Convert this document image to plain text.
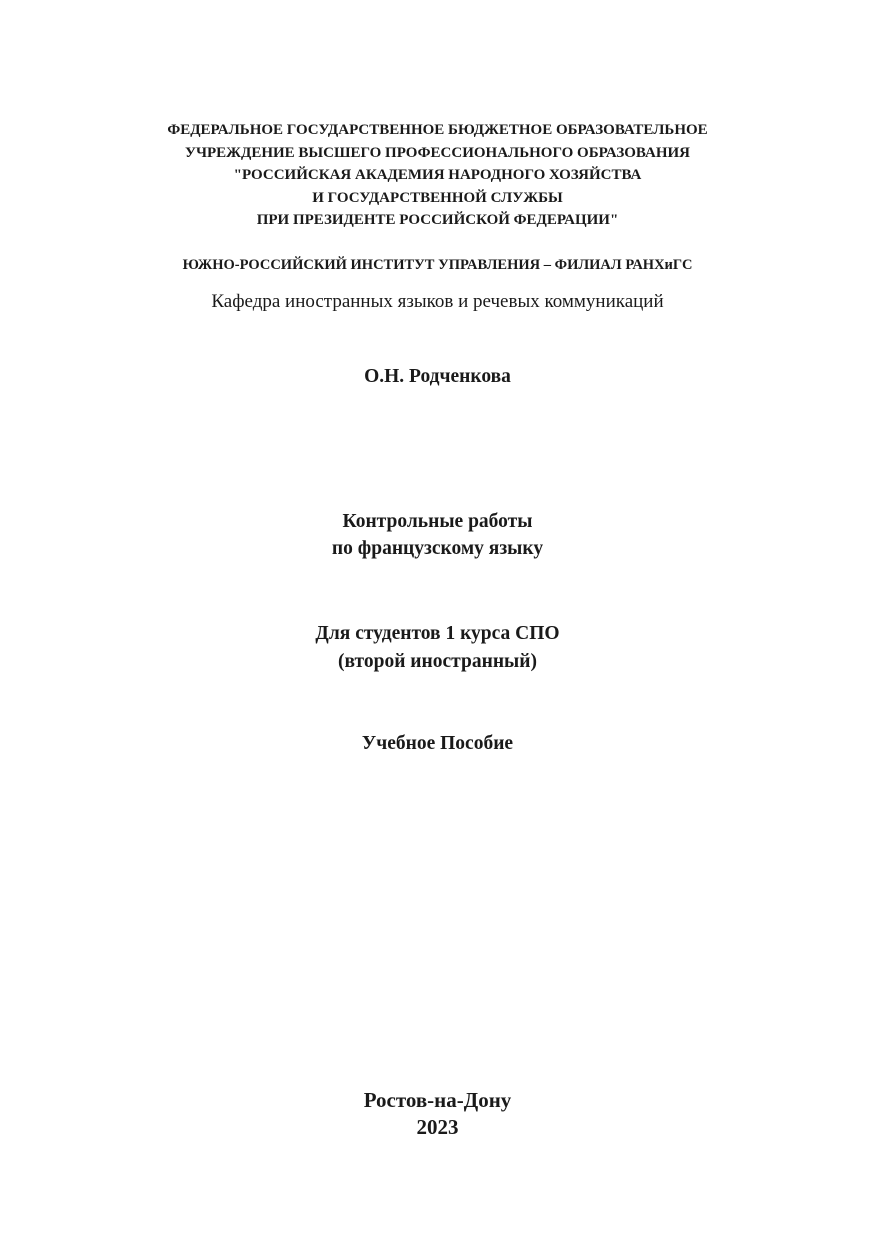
ФЕДЕРАЛЬНОЕ ГОСУДАРСТВЕННОЕ БЮДЖЕТНОЕ ОБРАЗОВАТЕЛЬНОЕ
УЧРЕЖДЕНИЕ ВЫСШЕГО ПРОФЕССИОНАЛЬНОГО ОБРАЗОВАНИЯ
"РОССИЙСКАЯ АКАДЕМИЯ НАРОДНОГО ХОЗЯЙСТВА
И ГОСУДАРСТВЕННОЙ СЛУЖБЫ
ПРИ ПРЕЗИДЕНТЕ РОССИЙСКОЙ ФЕДЕРАЦИИ"
ЮЖНО-РОССИЙСКИЙ ИНСТИТУТ УПРАВЛЕНИЯ – ФИЛИАЛ РАНХиГС
Кафедра иностранных языков и речевых коммуникаций
О.Н. Родченкова
Контрольные работы
по французскому языку
Для студентов 1 курса СПО
(второй иностранный)
Учебное Пособие
Ростов-на-Дону
2023
